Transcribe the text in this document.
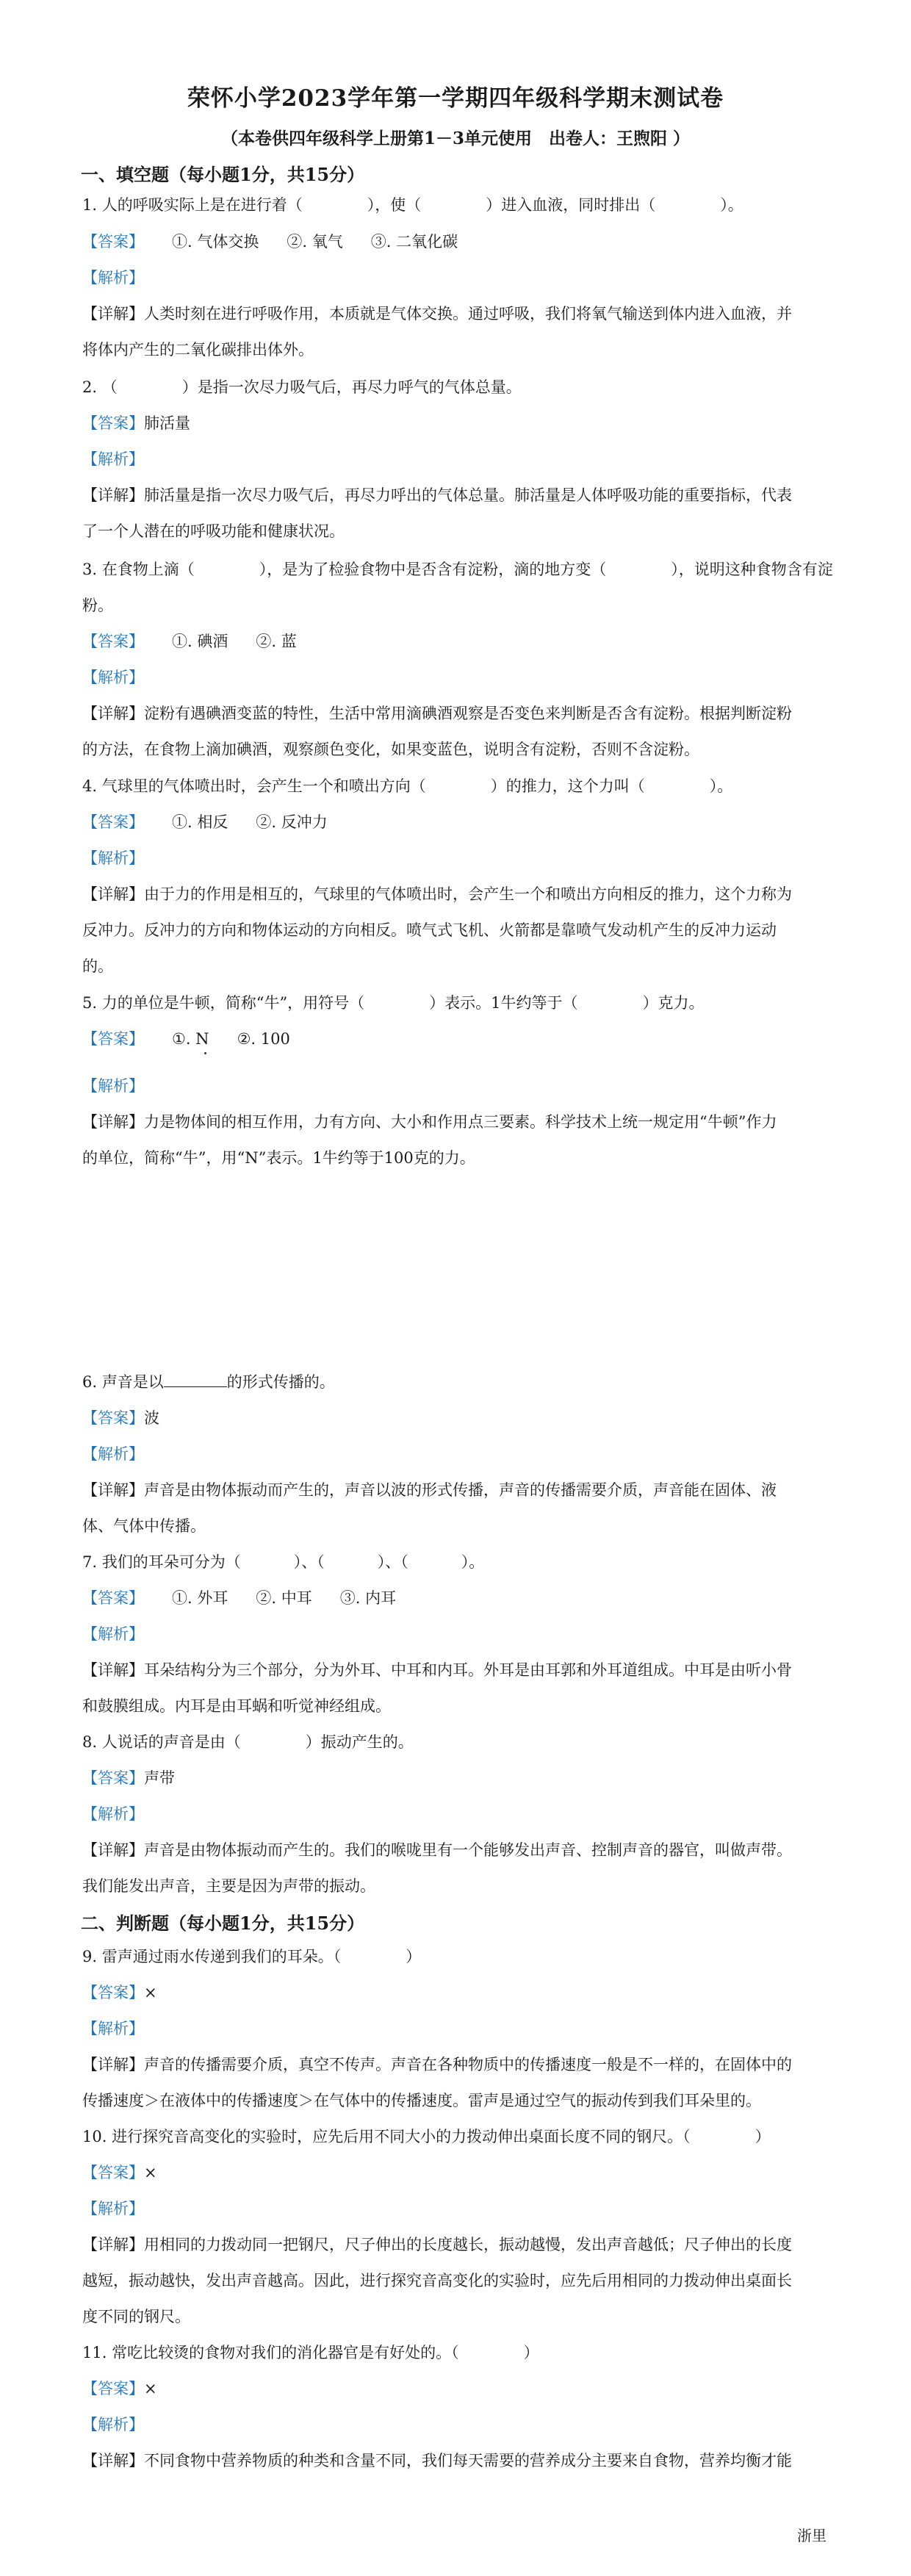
荣怀小学2023学年第一学期四年级科学期末测试卷
（本卷供四年级科学上册第1－3单元使用　出卷人：王煦阳 ）
一、填空题（每小题1分，共15分）
1. 人的呼吸实际上是在进行着（	），使（	）进入血液，同时排出（	）。
【答案】 ①. 气体交换 ②. 氧气 ③. 二氧化碳
【解析】
【详解】人类时刻在进行呼吸作用，本质就是气体交换。通过呼吸，我们将氧气输送到体内进入血液，并
将体内产生的二氧化碳排出体外。
2. （	）是指一次尽力吸气后，再尽力呼气的气体总量。
【答案】肺活量
【解析】
【详解】肺活量是指一次尽力吸气后，再尽力呼出的气体总量。肺活量是人体呼吸功能的重要指标，代表
了一个人潜在的呼吸功能和健康状况。
3. 在食物上滴（	），是为了检验食物中是否含有淀粉，滴的地方变（	），说明这种食物含有淀
粉。
【答案】 ①. 碘酒 ②. 蓝
【解析】
【详解】淀粉有遇碘酒变蓝的特性，生活中常用滴碘酒观察是否变色来判断是否含有淀粉。根据判断淀粉
的方法，在食物上滴加碘酒，观察颜色变化，如果变蓝色，说明含有淀粉，否则不含淀粉。
4. 气球里的气体喷出时，会产生一个和喷出方向（	）的推力，这个力叫（	）。
【答案】 ①. 相反 ②. 反冲力
【解析】
【详解】由于力的作用是相互的，气球里的气体喷出时，会产生一个和喷出方向相反的推力，这个力称为
反冲力。反冲力的方向和物体运动的方向相反。喷气式飞机、火箭都是靠喷气发动机产生的反冲力运动
的。
5. 力的单位是牛顿，简称“牛”，用符号（	）表示。1牛约等于（	）克力。
【答案】 ①. N ②. 100
【解析】
【详解】力是物体间的相互作用，力有方向、大小和作用点三要素。科学技术上统一规定用“牛顿”作力
的单位，简称“牛”，用“N”表示。1牛约等于100克的力。
6. 声音是以	的形式传播的。
【答案】波
【解析】
【详解】声音是由物体振动而产生的，声音以波的形式传播，声音的传播需要介质，声音能在固体、液
体、气体中传播。
7. 我们的耳朵可分为（	）、（	）、（	）。
【答案】 ①. 外耳 ②. 中耳 ③. 内耳
【解析】
【详解】耳朵结构分为三个部分，分为外耳、中耳和内耳。外耳是由耳郭和外耳道组成。中耳是由听小骨
和鼓膜组成。内耳是由耳蜗和听觉神经组成。
8. 人说话的声音是由（	）振动产生的。
【答案】声带
【解析】
【详解】声音是由物体振动而产生的。我们的喉咙里有一个能够发出声音、控制声音的器官，叫做声带。
我们能发出声音，主要是因为声带的振动。
二、判断题（每小题1分，共15分）
9. 雷声通过雨水传递到我们的耳朵。（	）
【答案】×
【解析】
【详解】声音的传播需要介质，真空不传声。声音在各种物质中的传播速度一般是不一样的，在固体中的
传播速度＞在液体中的传播速度＞在气体中的传播速度。雷声是通过空气的振动传到我们耳朵里的。
10. 进行探究音高变化的实验时，应先后用不同大小的力拨动伸出桌面长度不同的钢尺。（	）
【答案】×
【解析】
【详解】用相同的力拨动同一把钢尺，尺子伸出的长度越长，振动越慢，发出声音越低；尺子伸出的长度
越短，振动越快，发出声音越高。因此，进行探究音高变化的实验时，应先后用相同的力拨动伸出桌面长
度不同的钢尺。
11. 常吃比较烫的食物对我们的消化器官是有好处的。（	）
【答案】×
【解析】
【详解】不同食物中营养物质的种类和含量不同，我们每天需要的营养成分主要来自食物，营养均衡才能
浙里
